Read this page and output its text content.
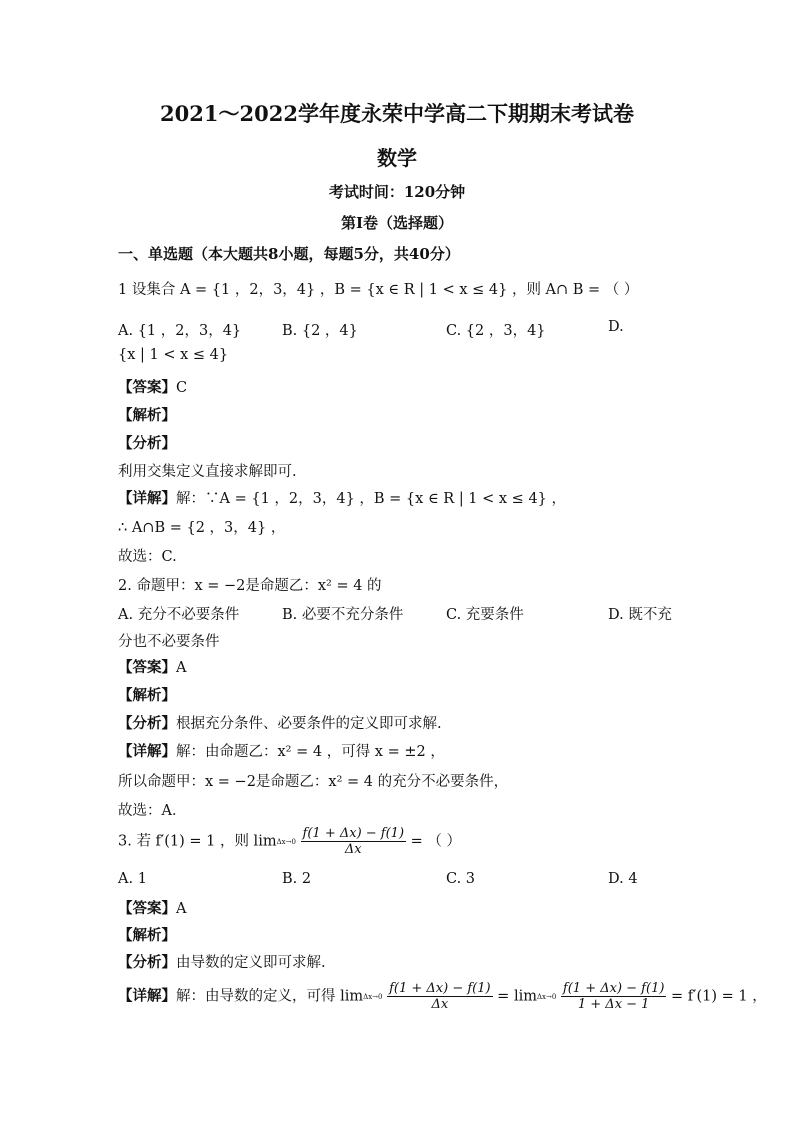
2021～2022学年度永荣中学高二下期期末考试卷
数学
考试时间：120分钟
第I卷（选择题）
一、单选题（本大题共8小题，每题5分，共40分）
1 设集合 A = {1 ，2，3，4} ，B = {x ∈ R | 1 < x ≤ 4} ，则 A∩ B = （ ）
A. {1 ，2，3，4}	B. {2 ，4}	C. {2 ，3，4}	D.
{x | 1 < x ≤ 4}
【答案】C
【解析】
【分析】
利用交集定义直接求解即可.
【详解】解：∵A = {1 ，2，3，4} ，B = {x ∈ R | 1 < x ≤ 4} ，
∴ A∩B = {2 ，3，4} ，
故选：C.
2. 命题甲：x = −2是命题乙：x² = 4 的
A. 充分不必要条件	B. 必要不充分条件	C. 充要条件	D. 既不充
分也不必要条件
【答案】A
【解析】
【分析】根据充分条件、必要条件的定义即可求解.
【详解】解：由命题乙：x² = 4 ，可得 x = ±2 ，
所以命题甲：x = −2是命题乙：x² = 4 的充分不必要条件，
故选：A．
3. 若 f′(1) = 1 ，则 lim Δx→0
$\frac{f(1 + \Delta x) - f(1)}{\Delta x}$ = （ ）
A. 1	B. 2	C. 3	D. 4
【答案】A
【解析】
【分析】由导数的定义即可求解.
【详解】解：由导数的定义，可得 lim Δx→0
$\frac{f(1 + \Delta x) - f(1)}{\Delta x} = \lim \Delta x\to 0$
$\frac{f(1 + \Delta x) - f(1)}{1 + \Delta x - 1} = f'(1) = 1$ ，
